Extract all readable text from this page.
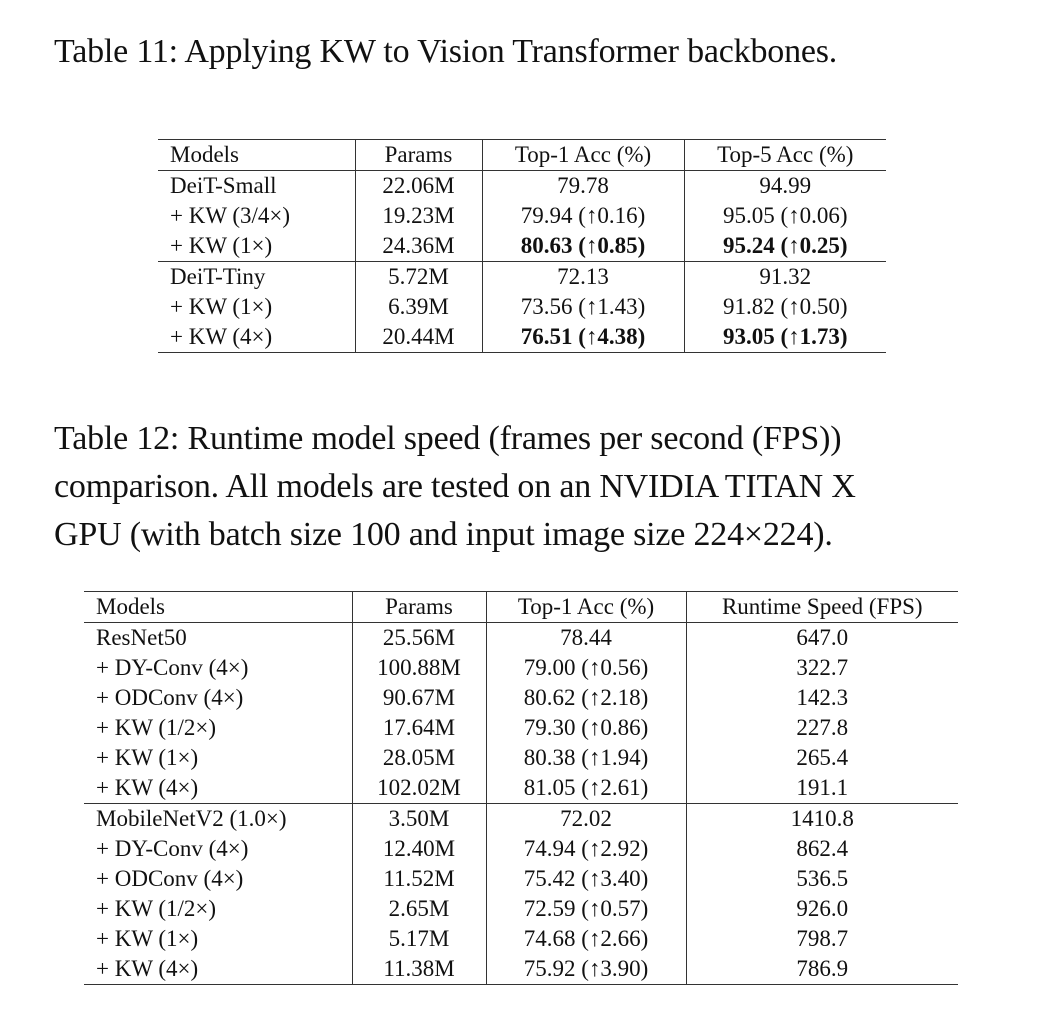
Table 11: Applying KW to Vision Transformer backbones.
Models	Params	Top-1 Acc (%)	Top-5 Acc (%)
DeiT-Small	22.06M	79.78	94.99
+ KW (3/4×)	19.23M	79.94 (↑0.16)	95.05 (↑0.06)
+ KW (1×)	24.36M	80.63 (↑0.85)	95.24 (↑0.25)
DeiT-Tiny	5.72M	72.13	91.32
+ KW (1×)	6.39M	73.56 (↑1.43)	91.82 (↑0.50)
+ KW (4×)	20.44M	76.51 (↑4.38)	93.05 (↑1.73)
Table 12: Runtime model speed (frames per second (FPS))
comparison. All models are tested on an NVIDIA TITAN X
GPU (with batch size 100 and input image size 224×224).
Models	Params	Top-1 Acc (%)	Runtime Speed (FPS)
ResNet50	25.56M	78.44	647.0
+ DY-Conv (4×)	100.88M	79.00 (↑0.56)	322.7
+ ODConv (4×)	90.67M	80.62 (↑2.18)	142.3
+ KW (1/2×)	17.64M	79.30 (↑0.86)	227.8
+ KW (1×)	28.05M	80.38 (↑1.94)	265.4
+ KW (4×)	102.02M	81.05 (↑2.61)	191.1
MobileNetV2 (1.0×)	3.50M	72.02	1410.8
+ DY-Conv (4×)	12.40M	74.94 (↑2.92)	862.4
+ ODConv (4×)	11.52M	75.42 (↑3.40)	536.5
+ KW (1/2×)	2.65M	72.59 (↑0.57)	926.0
+ KW (1×)	5.17M	74.68 (↑2.66)	798.7
+ KW (4×)	11.38M	75.92 (↑3.90)	786.9
